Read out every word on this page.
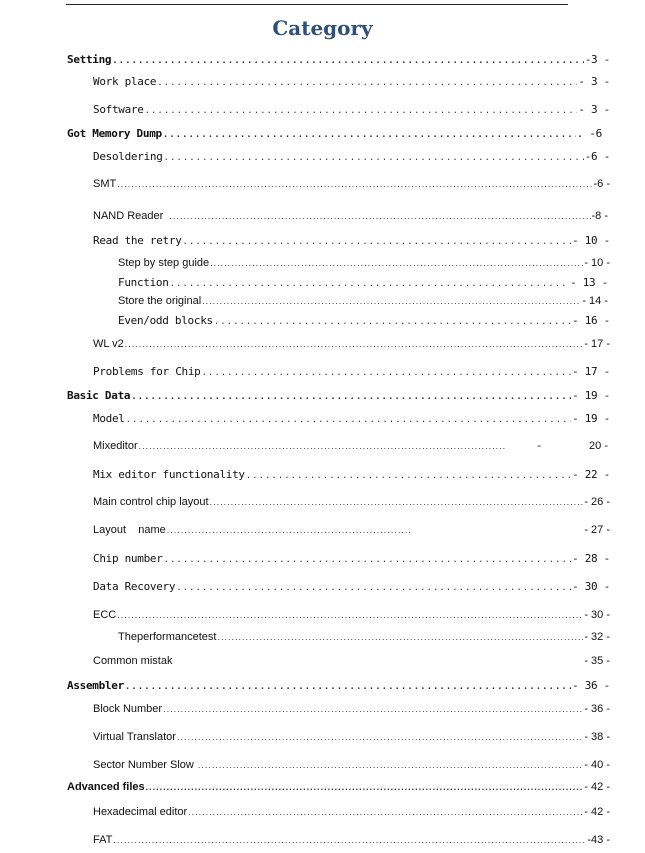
Category
Setting .....	-3 -
Work place .....	- 3 -
Software .....	- 3 -
Got Memory Dump .....	. -6
Desoldering .....	-6 -
SMT .....	-6 -
NAND Reader .....	-8 -
Read the retry .....	- 10 -
Step by step guide .....	- 10 -
Function .....	- 13 -
Store the original .....	- 14 -
Even/odd blocks .....	- 16 -
WL v2 .....	- 17 -
Problems for Chip .....	- 17 -
Basic Data .....	- 19 -
Model .....	- 19 -
Mixeditor .....	-	20 -
Mix editor functionality .....	- 22 -
Main control chip layout .....	- 26 -
Layout    name .....	- 27 -
Chip number .....	- 28 -
Data Recovery .....	- 30 -
ECC .....	- 30 -
Theperformancetest .....	- 32 -
Common mistak	- 35 -
Assembler .....	- 36 -
Block Number .....	- 36 -
Virtual Translator .....	- 38 -
Sector Number Slow .....	- 40 -
Advanced files .....	- 42 -
Hexadecimal editor .....	- 42 -
FAT .....	-43 -
